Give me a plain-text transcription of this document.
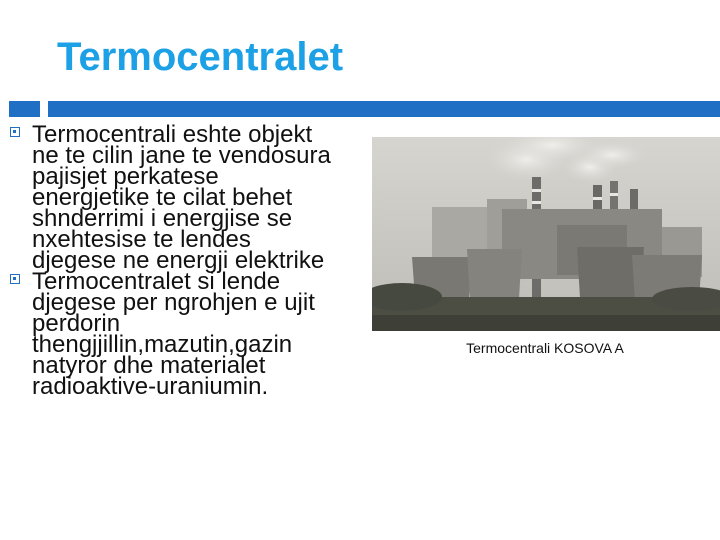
Termocentralet
Termocentrali eshte objekt
ne te cilin jane te vendosura
pajisjet perkatese
energjetike te cilat behet
shnderrimi i energjise se
nxehtesise te lendes
djegese ne energji elektrike
Termocentralet si lende
djegese per ngrohjen e ujit
perdorin
thengjjillin,mazutin,gazin
natyror dhe materialet
radioaktive-uraniumin.
Termocentrali KOSOVA A
